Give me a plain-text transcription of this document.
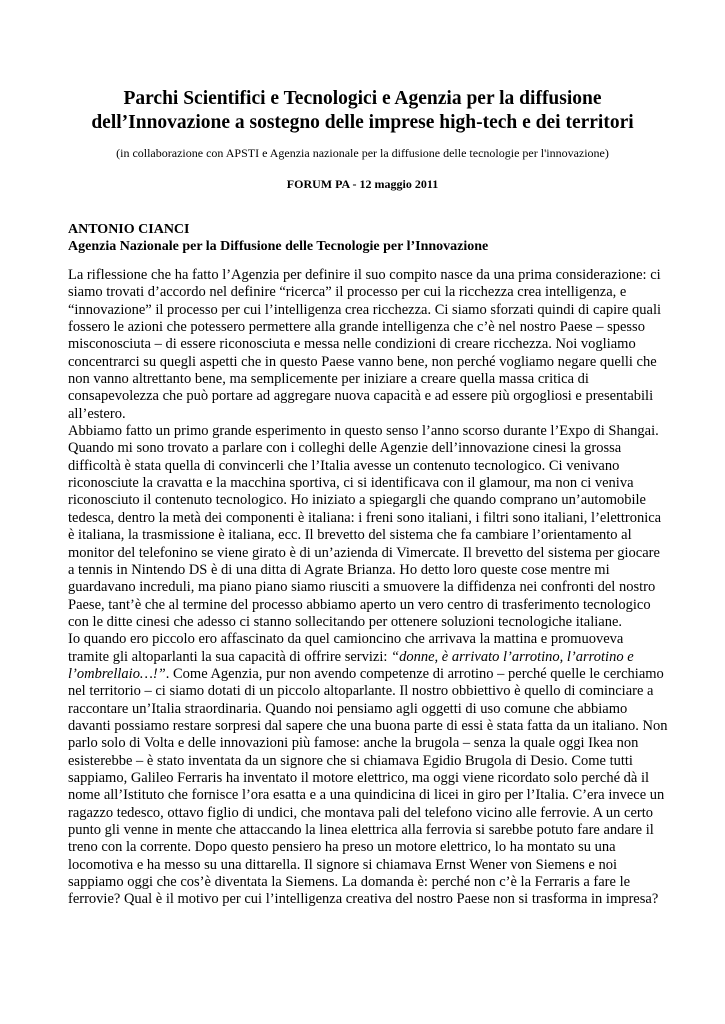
Parchi Scientifici e Tecnologici e Agenzia per la diffusione
dell’Innovazione a sostegno delle imprese high-tech e dei territori

(in collaborazione con APSTI e Agenzia nazionale per la diffusione delle tecnologie per l'innovazione)

FORUM PA - 12 maggio 2011

ANTONIO CIANCI
Agenzia Nazionale per la Diffusione delle Tecnologie per l’Innovazione

La riflessione che ha fatto l’Agenzia per definire il suo compito nasce da una prima considerazione: ci siamo trovati d’accordo nel definire “ricerca” il processo per cui la ricchezza crea intelligenza, e “innovazione” il processo per cui l’intelligenza crea ricchezza. Ci siamo sforzati quindi di capire quali fossero le azioni che potessero permettere alla grande intelligenza che c’è nel nostro Paese – spesso misconosciuta – di essere riconosciuta e messa nelle condizioni di creare ricchezza. Noi vogliamo concentrarci su quegli aspetti che in questo Paese vanno bene, non perché vogliamo negare quelli che non vanno altrettanto bene, ma semplicemente per iniziare a creare quella massa critica di consapevolezza che può portare ad aggregare nuova capacità e ad essere più orgogliosi e presentabili all’estero.

Abbiamo fatto un primo grande esperimento in questo senso l’anno scorso durante l’Expo di Shangai. Quando mi sono trovato a parlare con i colleghi delle Agenzie dell’innovazione cinesi la grossa difficoltà è stata quella di convincerli che l’Italia avesse un contenuto tecnologico. Ci venivano riconosciute la cravatta e la macchina sportiva, ci si identificava con il glamour, ma non ci veniva riconosciuto il contenuto tecnologico. Ho iniziato a spiegargli che quando comprano un’automobile tedesca, dentro la metà dei componenti è italiana: i freni sono italiani, i filtri sono italiani, l’elettronica è italiana, la trasmissione è italiana, ecc. Il brevetto del sistema che fa cambiare l’orientamento al monitor del telefonino se viene girato è di un’azienda di Vimercate. Il brevetto del sistema per giocare a tennis in Nintendo DS è di una ditta di Agrate Brianza. Ho detto loro queste cose mentre mi guardavano increduli, ma piano piano siamo riusciti a smuovere la diffidenza nei confronti del nostro Paese, tant’è che al termine del processo abbiamo aperto un vero centro di trasferimento tecnologico con le ditte cinesi che adesso ci stanno sollecitando per ottenere soluzioni tecnologiche italiane.

Io quando ero piccolo ero affascinato da quel camioncino che arrivava la mattina e promuoveva tramite gli altoparlanti la sua capacità di offrire servizi: “donne, è arrivato l’arrotino, l’arrotino e l’ombrellaio…!”. Come Agenzia, pur non avendo competenze di arrotino – perché quelle le cerchiamo nel territorio – ci siamo dotati di un piccolo altoparlante. Il nostro obbiettivo è quello di cominciare a raccontare un’Italia straordinaria. Quando noi pensiamo agli oggetti di uso comune che abbiamo davanti possiamo restare sorpresi dal sapere che una buona parte di essi è stata fatta da un italiano. Non parlo solo di Volta e delle innovazioni più famose: anche la brugola – senza la quale oggi Ikea non esisterebbe – è stato inventata da un signore che si chiamava Egidio Brugola di Desio. Come tutti sappiamo, Galileo Ferraris ha inventato il motore elettrico, ma oggi viene ricordato solo perché dà il nome all’Istituto che fornisce l’ora esatta e a una quindicina di licei in giro per l’Italia. C’era invece un ragazzo tedesco, ottavo figlio di undici, che montava pali del telefono vicino alle ferrovie. A un certo punto gli venne in mente che attaccando la linea elettrica alla ferrovia si sarebbe potuto fare andare il treno con la corrente. Dopo questo pensiero ha preso un motore elettrico, lo ha montato su una locomotiva e ha messo su una dittarella. Il signore si chiamava Ernst Wener von Siemens e noi sappiamo oggi che cos’è diventata la Siemens. La domanda è: perché non c’è la Ferraris a fare le ferrovie? Qual è il motivo per cui l’intelligenza creativa del nostro Paese non si trasforma in impresa?
